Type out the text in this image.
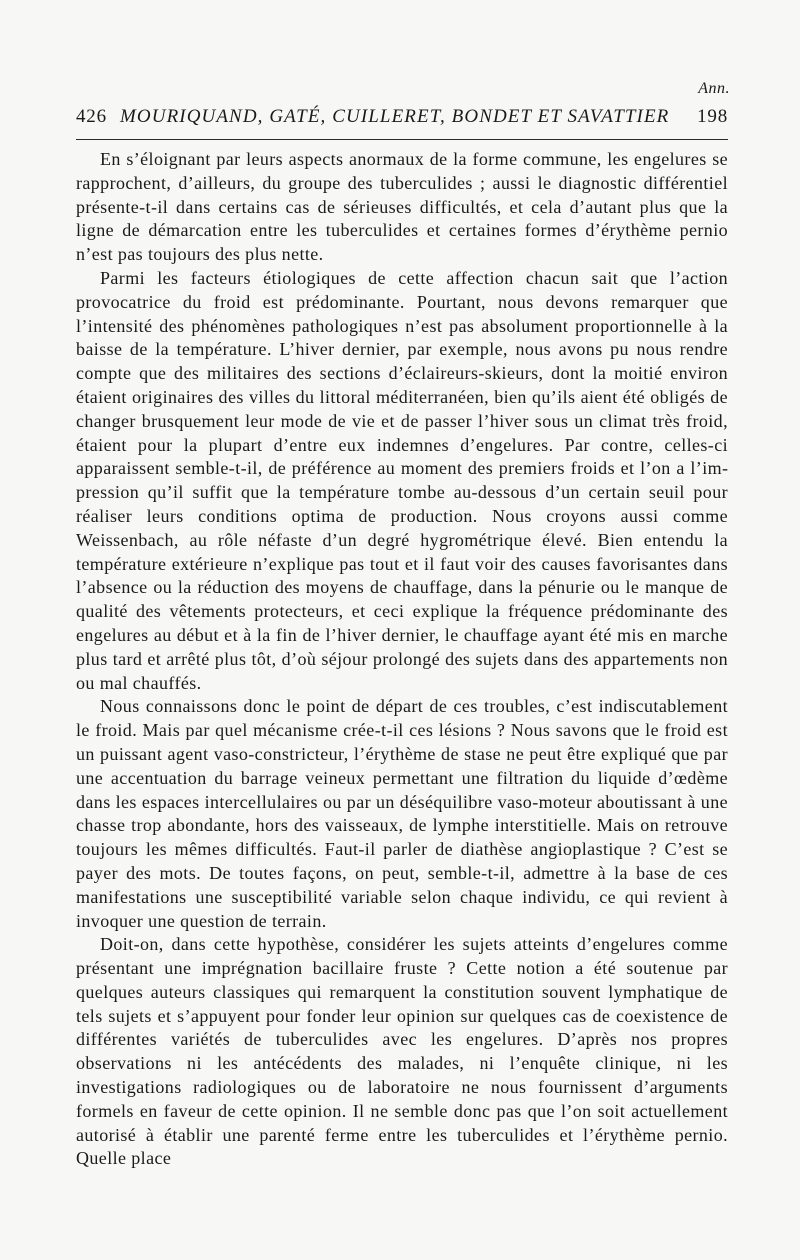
Ann.
426 MOURIQUAND, GATÉ, CUILLERET, BONDET ET SAVATTIER 198

En s’éloignant par leurs aspects anormaux de la forme commune, les engelures se rapprochent, d’ailleurs, du groupe des tuberculides ; aussi le diagnostic différentiel présente-t-il dans certains cas de sérieuses difficultés, et cela d’autant plus que la ligne de démarcation entre les tuberculides et certaines formes d’érythème pernio n’est pas toujours des plus nette.

Parmi les facteurs étiologiques de cette affection chacun sait que l’action provocatrice du froid est prédominante. Pourtant, nous devons remarquer que l’intensité des phénomènes pathologiques n’est pas absolument proportionnelle à la baisse de la température. L’hiver dernier, par exemple, nous avons pu nous rendre compte que des militaires des sections d’éclaireurs-skieurs, dont la moitié environ étaient originaires des villes du littoral méditerranéen, bien qu’ils aient été obligés de changer brusquement leur mode de vie et de passer l’hiver sous un climat très froid, étaient pour la plupart d’entre eux indemnes d’engelures. Par contre, celles-ci apparaissent semble-t-il, de préférence au moment des premiers froids et l’on a l’impression qu’il suffit que la température tombe au-dessous d’un certain seuil pour réaliser leurs conditions optima de production. Nous croyons aussi comme Weissenbach, au rôle néfaste d’un degré hygrométrique élevé. Bien entendu la température extérieure n’explique pas tout et il faut voir des causes favorisantes dans l’absence ou la réduction des moyens de chauffage, dans la pénurie ou le manque de qualité des vêtements protecteurs, et ceci explique la fréquence prédominante des engelures au début et à la fin de l’hiver dernier, le chauffage ayant été mis en marche plus tard et arrêté plus tôt, d’où séjour prolongé des sujets dans des appartements non ou mal chauffés.

Nous connaissons donc le point de départ de ces troubles, c’est indiscutablement le froid. Mais par quel mécanisme crée-t-il ces lésions ? Nous savons que le froid est un puissant agent vaso-constricteur, l’érythème de stase ne peut être expliqué que par une accentuation du barrage veineux permettant une filtration du liquide d’œdème dans les espaces intercellulaires ou par un déséquilibre vaso-moteur aboutissant à une chasse trop abondante, hors des vaisseaux, de lymphe interstitielle. Mais on retrouve toujours les mêmes difficultés. Faut-il parler de diathèse angioplastique ? C’est se payer des mots. De toutes façons, on peut, semble-t-il, admettre à la base de ces manifestations une susceptibilité variable selon chaque individu, ce qui revient à invoquer une question de terrain.

Doit-on, dans cette hypothèse, considérer les sujets atteints d’engelures comme présentant une imprégnation bacillaire fruste ? Cette notion a été soutenue par quelques auteurs classiques qui remarquent la constitution souvent lymphatique de tels sujets et s’appuyent pour fonder leur opinion sur quelques cas de coexistence de différentes variétés de tuberculides avec les engelures. D’après nos propres observations ni les antécédents des malades, ni l’enquête clinique, ni les investigations radiologiques ou de laboratoire ne nous fournissent d’arguments formels en faveur de cette opinion. Il ne semble donc pas que l’on soit actuellement autorisé à établir une parenté ferme entre les tuberculides et l’érythème pernio. Quelle place
